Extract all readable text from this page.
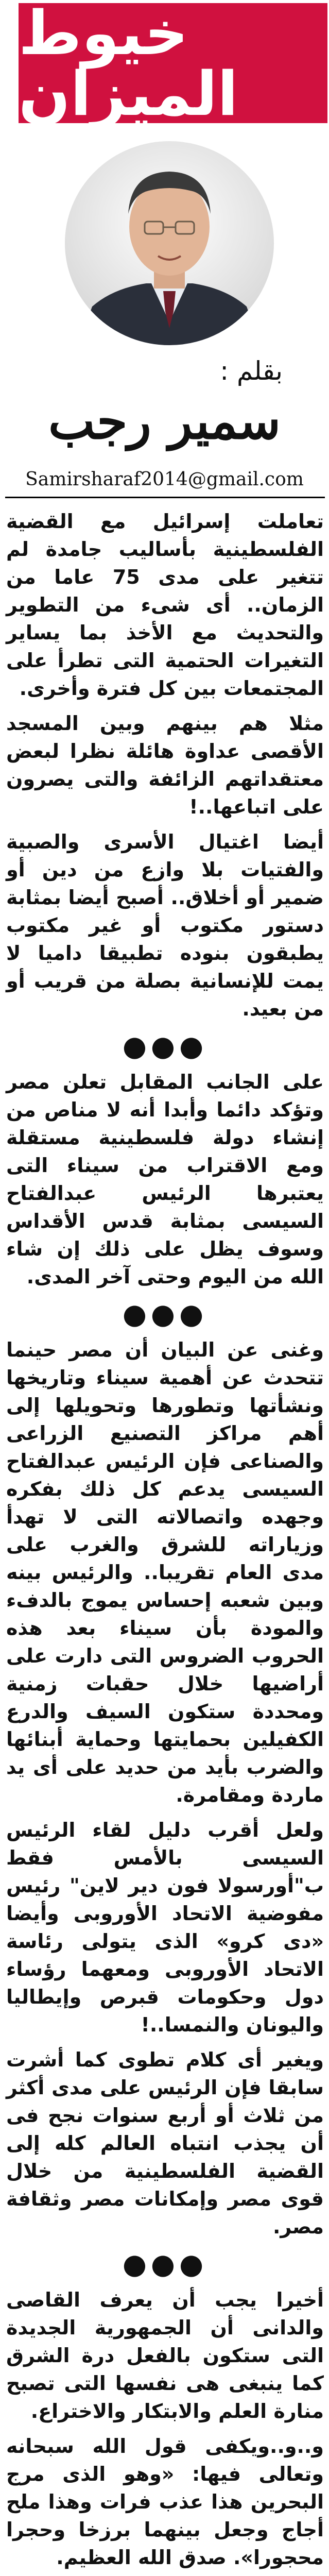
خيوط الميزان
بقلم :
سمير رجب
Samirsharaf2014@gmail.com

تعاملت إسرائيل مع القضية الفلسطينية بأساليب جامدة لم تتغير على مدى 75 عاما من الزمان.. أى شىء من التطوير والتحديث مع الأخذ بما يساير التغيرات الحتمية التى تطرأ على المجتمعات بين كل فترة وأخرى.

مثلا هم بينهم وبين المسجد الأقصى عداوة هائلة نظرا لبعض معتقداتهم الزائفة والتى يصرون على اتباعها..!

أيضا اغتيال الأسرى والصبية والفتيات بلا وازع من دين أو ضمير أو أخلاق.. أصبح أيضا بمثابة دستور مكتوب أو غير مكتوب يطبقون بنوده تطبيقا داميا لا يمت للإنسانية بصلة من قريب أو من بعيد.

●●●

على الجانب المقابل تعلن مصر وتؤكد دائما وأبدا أنه لا مناص من إنشاء دولة فلسطينية مستقلة ومع الاقتراب من سيناء التى يعتبرها الرئيس عبدالفتاح السيسى بمثابة قدس الأقداس وسوف يظل على ذلك إن شاء الله من اليوم وحتى آخر المدى.

●●●

وغنى عن البيان أن مصر حينما تتحدث عن أهمية سيناء وتاريخها ونشأتها وتطورها وتحويلها إلى أهم مراكز التصنيع الزراعى والصناعى فإن الرئيس عبدالفتاح السيسى يدعم كل ذلك بفكره وجهده واتصالاته التى لا تهدأ وزياراته للشرق والغرب على مدى العام تقريبا.. والرئيس بينه وبين شعبه إحساس يموج بالدفء والمودة بأن سيناء بعد هذه الحروب الضروس التى دارت على أراضيها خلال حقبات زمنية ومحددة ستكون السيف والدرع الكفيلين بحمايتها وحماية أبنائها والضرب بأيد من حديد على أى يد ماردة ومقامرة.

ولعل أقرب دليل لقاء الرئيس السيسى بالأمس فقط ب"أورسولا فون دير لاين" رئيس مفوضية الاتحاد الأوروبى وأيضا «دى كرو» الذى يتولى رئاسة الاتحاد الأوروبى ومعهما رؤساء دول وحكومات قبرص وإيطاليا واليونان والنمسا..!

ويغير أى كلام تطوى كما أشرت سابقا فإن الرئيس على مدى أكثر من ثلاث أو أربع سنوات نجح فى أن يجذب انتباه العالم كله إلى القضية الفلسطينية من خلال قوى مصر وإمكانات مصر وثقافة مصر.

●●●

أخيرا يجب أن يعرف القاصى والدانى أن الجمهورية الجديدة التى ستكون بالفعل درة الشرق كما ينبغى هى نفسها التى تصبح منارة العلم والابتكار والاختراع.

و..و..ويكفى قول الله سبحانه وتعالى فيها: «وهو الذى مرج البحرين هذا عذب فرات وهذا ملح أجاج وجعل بينهما برزخا وحجرا محجورا». صدق الله العظيم.
